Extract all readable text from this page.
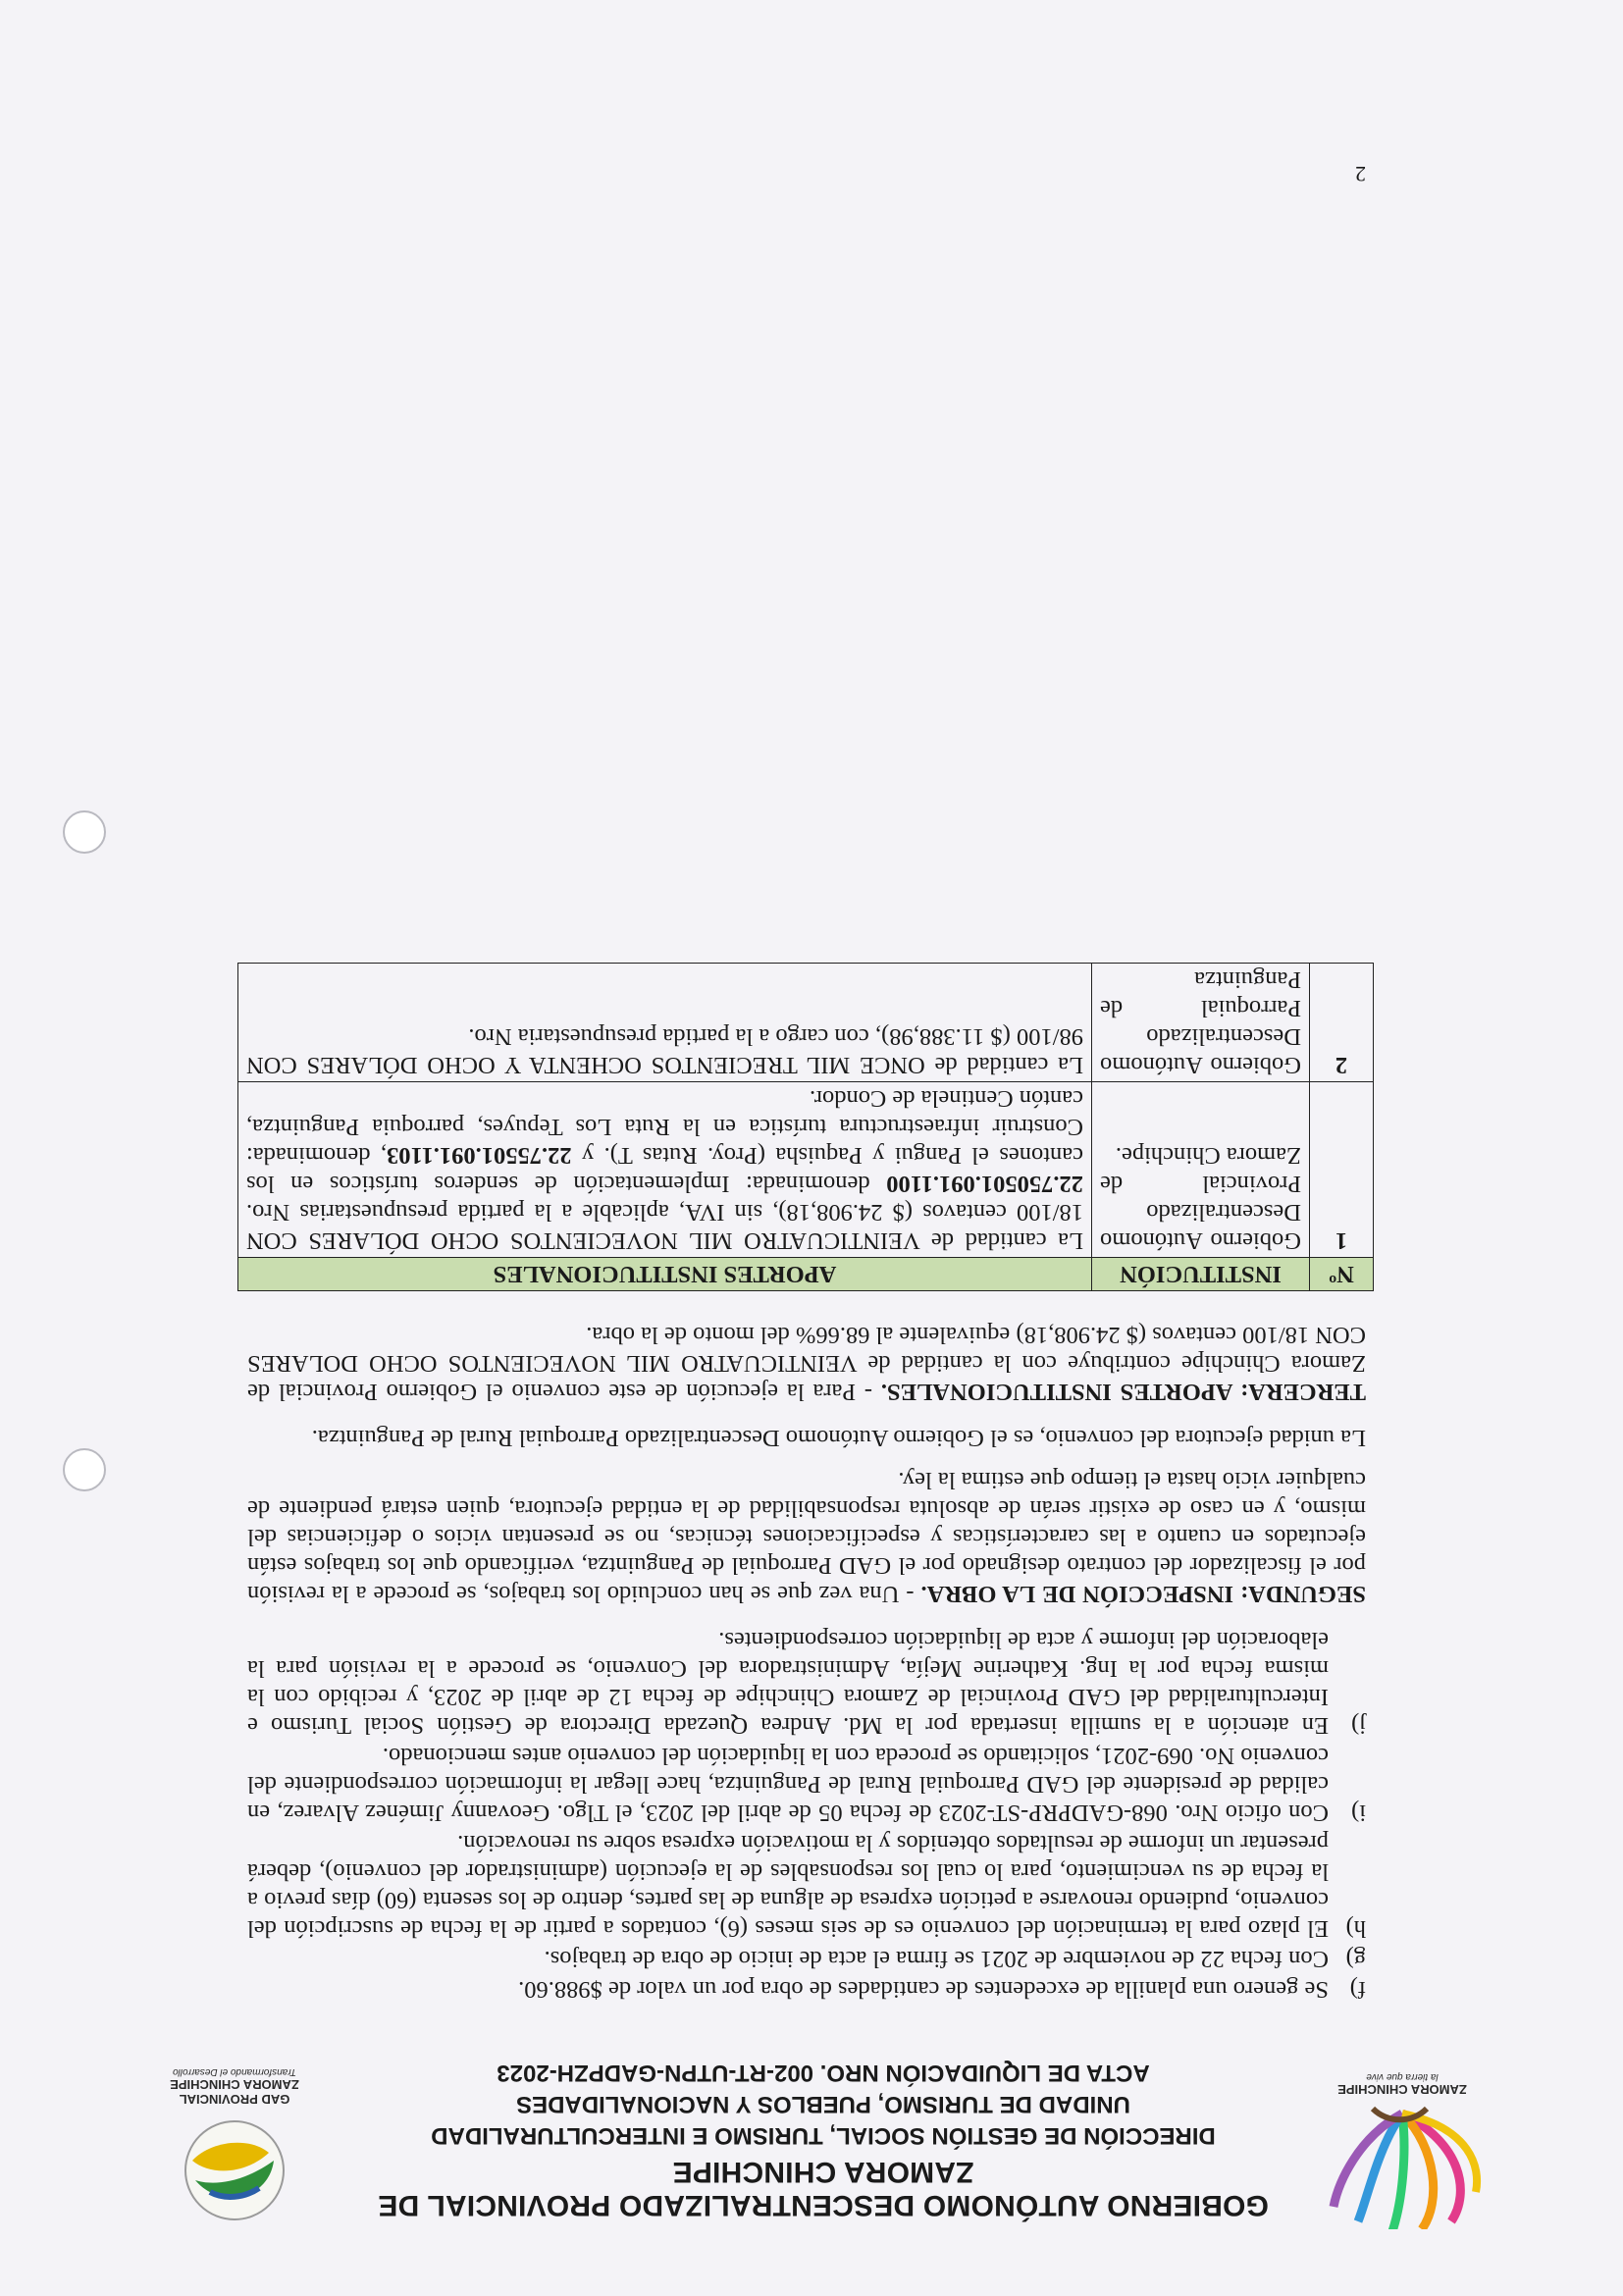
ZAMORA CHINCHIPE
la tierra que vive
GOBIERNO AUTÓNOMO DESCENTRALIZADO PROVINCIAL DE ZAMORA CHINCHIPE
DIRECCIÓN DE GESTIÓN SOCIAL, TURISMO E INTERCULTURALIDAD
UNIDAD DE TURISMO, PUEBLOS Y NACIONALIDADES
ACTA DE LIQUIDACIÓN NRO. 002-RT-UTPN-GADPZH-2023
GAD PROVINCIAL
ZAMORA CHINCHIPE
Transformando el Desarrollo
f)
Se genero una planilla de excedentes de cantidades de obra por un valor de $988.60.
g)
Con fecha 22 de noviembre de 2021 se firma el acta de inicio de obra de trabajos.
h)
El plazo para la terminación del convenio es de seis meses (6), contados a partir de la fecha de suscripción del convenio, pudiendo renovarse a petición expresa de alguna de las partes, dentro de los sesenta (60) días previo a la fecha de su vencimiento, para lo cual los responsables de la ejecución (administrador del convenio), deberá presentar un informe de resultados obtenidos y la motivación expresa sobre su renovación.
i)
Con oficio Nro. 068-GADPRP-ST-2023 de fecha 05 de abril del 2023, el Tlgo. Geovanny Jiménez Alvarez, en calidad de presidente del GAD Parroquial Rural de Panguintza, hace llegar la información correspondiente del convenio No. 069-2021, solicitando se proceda con la liquidación del convenio antes mencionado.
j)
En atención a la sumilla insertada por la Md. Andrea Quezada Directora de Gestión Social Turismo e Interculturalidad del GAD Provincial de Zamora Chinchipe de fecha 12 de abril de 2023, y recibido con la misma fecha por la Ing. Katherine Mejía, Administradora del Convenio, se procede a la revisión para la elaboración del informe y acta de liquidación correspondientes.

SEGUNDA: INSPECCIÓN DE LA OBRA. - Una vez que se han concluido los trabajos, se procede a la revisión por el fiscalizador del contrato designado por el GAD Parroquial de Panguintza, verificando que los trabajos están ejecutados en cuanto a las características y especificaciones técnicas, no se presentan vicios o deficiencias del mismo, y en caso de existir serán de absoluta responsabilidad de la entidad ejecutora, quien estará pendiente de cualquier vicio hasta el tiempo que estima la ley.

La unidad ejecutora del convenio, es el Gobierno Autónomo Descentralizado Parroquial Rural de Panguintza.

TERCERA: APORTES INSTITUCIONALES. - Para la ejecución de este convenio el Gobierno Provincial de Zamora Chinchipe contribuye con la cantidad de VEINTICUATRO MIL NOVECIENTOS OCHO DOLARES CON 18/100 centavos ($ 24.908,18) equivalente al 68.66% del monto de la obra.

Nº	INSTITUCIÓN	APORTES INSTITUCIONALES
1	Gobierno Autónomo Descentralizado Provincial de Zamora Chinchipe.	La cantidad de VEINTICUATRO MIL NOVECIENTOS OCHO DÓLARES CON 18/100 centavos ($ 24.908,18), sin IVA, aplicable a la partida presupuestarias Nro. 22.750501.091.1100 denominada: Implementación de senderos turísticos en los cantones el Pangui y Paquisha (Proy. Rutas T). y 22.75501.091.1103, denominada: Construir infraestructura turística en la Ruta Los Tepuyes, parroquia Panguintza, cantón Centinela de Condor.
2	Gobierno Autónomo Descentralizado Parroquial de Panguintza	La cantidad de ONCE MIL TRECIENTOS OCHENTA Y OCHO DÓLARES CON 98/100 ($ 11.388,98), con cargo a la partida presupuestaria Nro.
2
